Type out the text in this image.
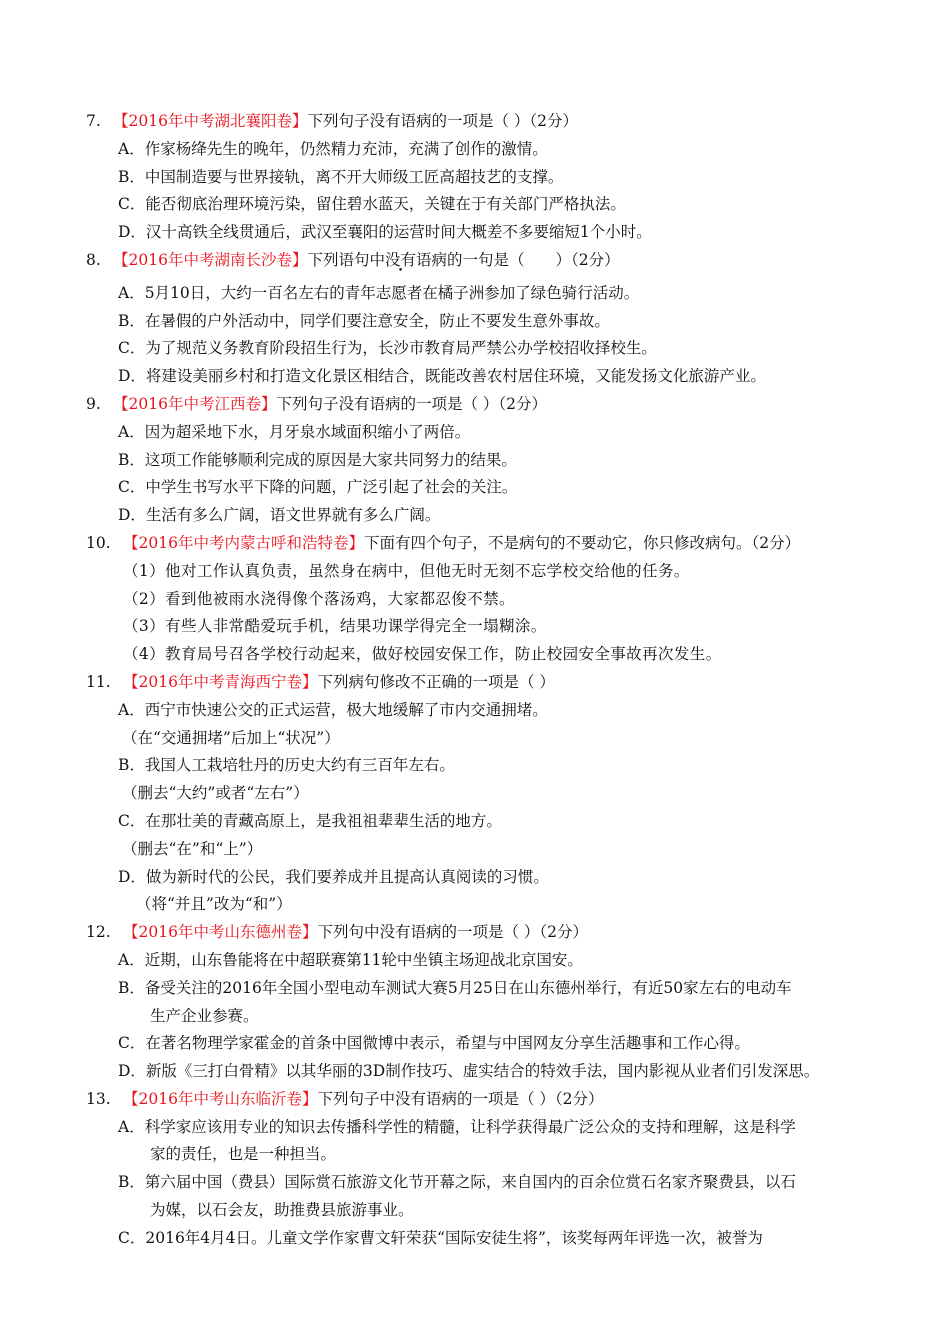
7. 【2016年中考湖北襄阳卷】下列句子没有语病的一项是（ ）（2分）
A．作家杨绛先生的晚年，仍然精力充沛，充满了创作的激情。
B．中国制造要与世界接轨，离不开大师级工匠高超技艺的支撑。
C．能否彻底治理环境污染，留住碧水蓝天，关键在于有关部门严格执法。
D．汉十高铁全线贯通后，武汉至襄阳的运营时间大概差不多要缩短1个小时。
8. 【2016年中考湖南长沙卷】下列语句中没有语病的一句是（　　）（2分）
A．5月10日，大约一百名左右的青年志愿者在橘子洲参加了绿色骑行活动。
B．在暑假的户外活动中，同学们要注意安全，防止不要发生意外事故。
C．为了规范义务教育阶段招生行为，长沙市教育局严禁公办学校招收择校生。
D．将建设美丽乡村和打造文化景区相结合，既能改善农村居住环境，又能发扬文化旅游产业。
9. 【2016年中考江西卷】下列句子没有语病的一项是（ ）（2分）
A．因为超采地下水，月牙泉水域面积缩小了两倍。
B．这项工作能够顺利完成的原因是大家共同努力的结果。
C．中学生书写水平下降的问题，广泛引起了社会的关注。
D．生活有多么广阔，语文世界就有多么广阔。
10. 【2016年中考内蒙古呼和浩特卷】下面有四个句子，不是病句的不要动它，你只修改病句。（2分）
（1）他对工作认真负责，虽然身在病中，但他无时无刻不忘学校交给他的任务。
（2）看到他被雨水浇得像个落汤鸡，大家都忍俊不禁。
（3）有些人非常酷爱玩手机，结果功课学得完全一塌糊涂。
（4）教育局号召各学校行动起来，做好校园安保工作，防止校园安全事故再次发生。
11. 【2016年中考青海西宁卷】下列病句修改不正确的一项是（ ）
A．西宁市快速公交的正式运营，极大地缓解了市内交通拥堵。
（在“交通拥堵”后加上“状况”）
B．我国人工栽培牡丹的历史大约有三百年左右。
（删去“大约”或者“左右”）
C．在那壮美的青藏高原上，是我祖祖辈辈生活的地方。
（删去“在”和“上”）
D．做为新时代的公民，我们要养成并且提高认真阅读的习惯。
（将“并且”改为“和”）
12. 【2016年中考山东德州卷】下列句中没有语病的一项是（ ）（2分）
A．近期，山东鲁能将在中超联赛第11轮中坐镇主场迎战北京国安。
B．备受关注的2016年全国小型电动车测试大赛5月25日在山东德州举行，有近50家左右的电动车
生产企业参赛。
C．在著名物理学家霍金的首条中国微博中表示，希望与中国网友分享生活趣事和工作心得。
D．新版《三打白骨精》以其华丽的3D制作技巧、虚实结合的特效手法，国内影视从业者们引发深思。
13. 【2016年中考山东临沂卷】下列句子中没有语病的一项是（ ）（2分）
A．科学家应该用专业的知识去传播科学性的精髓，让科学获得最广泛公众的支持和理解，这是科学
家的责任，也是一种担当。
B．第六届中国（费县）国际赏石旅游文化节开幕之际，来自国内的百余位赏石名家齐聚费县，以石
为媒，以石会友，助推费县旅游事业。
C．2016年4月4日。儿童文学作家曹文轩荣获“国际安徒生将”，该奖每两年评选一次，被誉为
